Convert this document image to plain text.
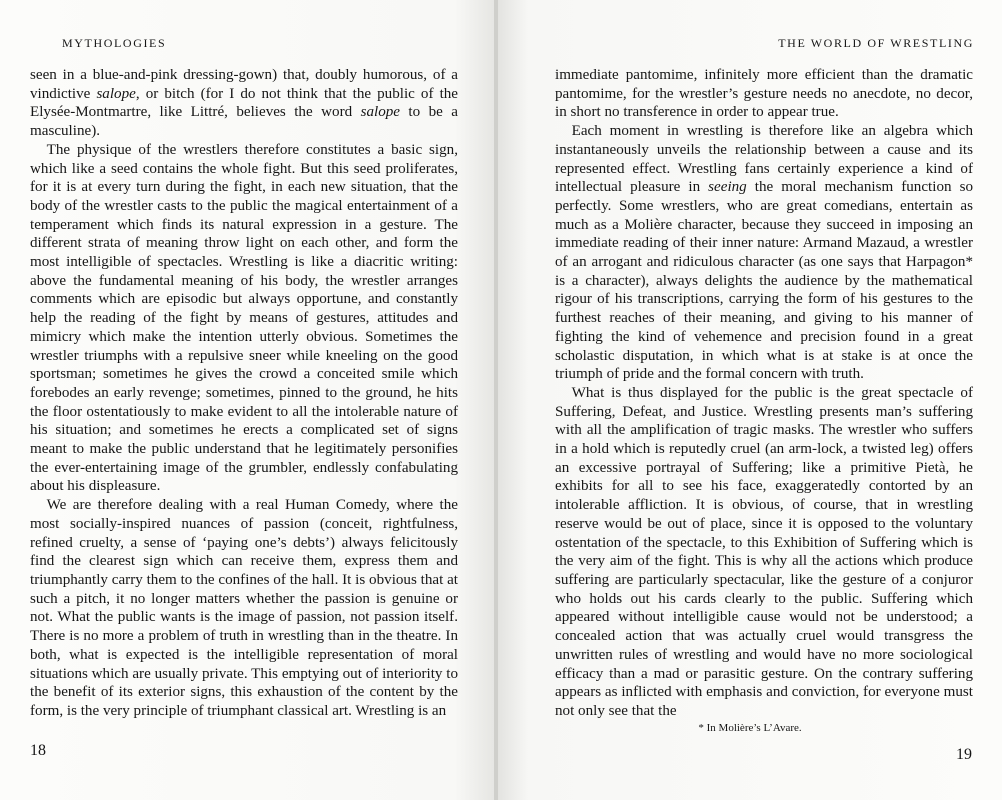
MYTHOLOGIES

seen in a blue-and-pink dressing-gown) that, doubly humorous, of a vindictive salope, or bitch (for I do not think that the public of the Elysée-Montmartre, like Littré, believes the word salope to be a masculine).

The physique of the wrestlers therefore constitutes a basic sign, which like a seed contains the whole fight. But this seed proliferates, for it is at every turn during the fight, in each new situation, that the body of the wrestler casts to the public the magical entertainment of a temperament which finds its natural expression in a gesture. The different strata of meaning throw light on each other, and form the most intelligible of spectacles. Wrestling is like a diacritic writing: above the fundamental meaning of his body, the wrestler arranges comments which are episodic but always opportune, and constantly help the reading of the fight by means of gestures, attitudes and mimicry which make the intention utterly obvious. Sometimes the wrestler triumphs with a repulsive sneer while kneeling on the good sportsman; sometimes he gives the crowd a conceited smile which forebodes an early revenge; sometimes, pinned to the ground, he hits the floor ostentatiously to make evident to all the intolerable nature of his situation; and sometimes he erects a complicated set of signs meant to make the public understand that he legitimately personifies the ever-entertaining image of the grumbler, endlessly confabulating about his displeasure.

We are therefore dealing with a real Human Comedy, where the most socially-inspired nuances of passion (conceit, rightfulness, refined cruelty, a sense of ‘paying one’s debts’) always felicitously find the clearest sign which can receive them, express them and triumphantly carry them to the confines of the hall. It is obvious that at such a pitch, it no longer matters whether the passion is genuine or not. What the public wants is the image of passion, not passion itself. There is no more a problem of truth in wrestling than in the theatre. In both, what is expected is the intelligible representation of moral situations which are usually private. This emptying out of interiority to the benefit of its exterior signs, this exhaustion of the content by the form, is the very principle of triumphant classical art. Wrestling is an

18
THE WORLD OF WRESTLING

immediate pantomime, infinitely more efficient than the dramatic pantomime, for the wrestler’s gesture needs no anecdote, no decor, in short no transference in order to appear true.

Each moment in wrestling is therefore like an algebra which instantaneously unveils the relationship between a cause and its represented effect. Wrestling fans certainly experience a kind of intellectual pleasure in seeing the moral mechanism function so perfectly. Some wrestlers, who are great comedians, entertain as much as a Molière character, because they succeed in imposing an immediate reading of their inner nature: Armand Mazaud, a wrestler of an arrogant and ridiculous character (as one says that Harpagon* is a character), always delights the audience by the mathematical rigour of his transcriptions, carrying the form of his gestures to the furthest reaches of their meaning, and giving to his manner of fighting the kind of vehemence and precision found in a great scholastic disputation, in which what is at stake is at once the triumph of pride and the formal concern with truth.

What is thus displayed for the public is the great spectacle of Suffering, Defeat, and Justice. Wrestling presents man’s suffering with all the amplification of tragic masks. The wrestler who suffers in a hold which is reputedly cruel (an arm-lock, a twisted leg) offers an excessive portrayal of Suffering; like a primitive Pietà, he exhibits for all to see his face, exaggeratedly contorted by an intolerable affliction. It is obvious, of course, that in wrestling reserve would be out of place, since it is opposed to the voluntary ostentation of the spectacle, to this Exhibition of Suffering which is the very aim of the fight. This is why all the actions which produce suffering are particularly spectacular, like the gesture of a conjuror who holds out his cards clearly to the public. Suffering which appeared without intelligible cause would not be understood; a concealed action that was actually cruel would transgress the unwritten rules of wrestling and would have no more sociological efficacy than a mad or parasitic gesture. On the contrary suffering appears as inflicted with emphasis and conviction, for everyone must not only see that the

* In Molière’s L’Avare.
19
